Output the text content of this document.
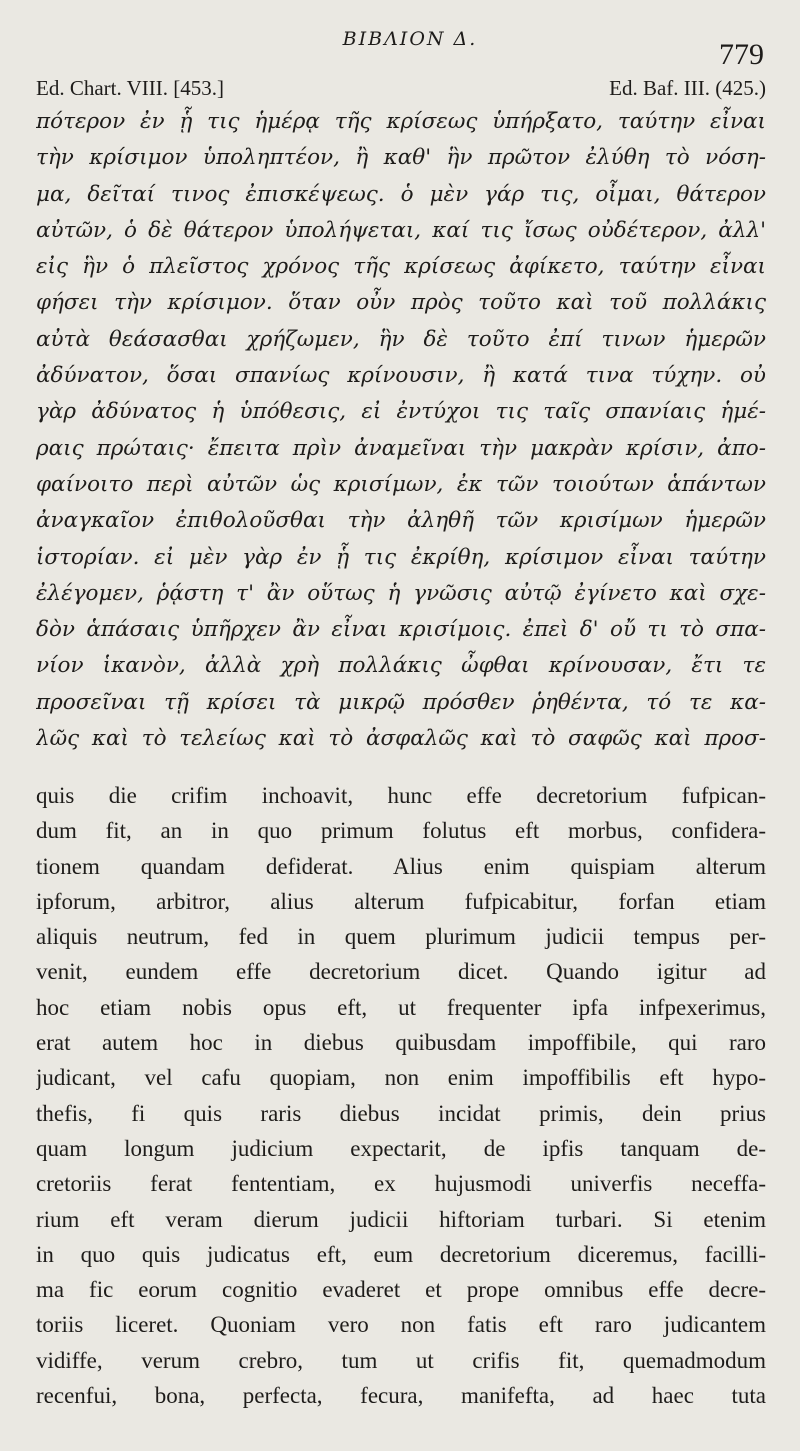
ΒΙΒΛΙΟΝ Δ.	779
Ed. Chart. VIII. [453.]	Ed. Baf. III. (425.)
πότερον ἐν ᾗ τις ἡμέρᾳ τῆς κρίσεως ὑπήρξατο, ταύτην εἶναι
τὴν κρίσιμον ὑποληπτέον, ἢ καθ' ἣν πρῶτον ἐλύθη τὸ νόση-
μα, δεῖταί τινος ἐπισκέψεως. ὁ μὲν γάρ τις, οἶμαι, θάτερον
αὐτῶν, ὁ δὲ θάτερον ὑπολήψεται, καί τις ἴσως οὐδέτερον, ἀλλ'
εἰς ἣν ὁ πλεῖστος χρόνος τῆς κρίσεως ἀφίκετο, ταύτην εἶναι
φήσει τὴν κρίσιμον. ὅταν οὖν πρὸς τοῦτο καὶ τοῦ πολλάκις
αὐτὰ θεάσασθαι χρήζωμεν, ἣν δὲ τοῦτο ἐπί τινων ἡμερῶν
ἀδύνατον, ὅσαι σπανίως κρίνουσιν, ἢ κατά τινα τύχην. οὐ
γὰρ ἀδύνατος ἡ ὑπόθεσις, εἰ ἐντύχοι τις ταῖς σπανίαις ἡμέ-
ραις πρώταις· ἔπειτα πρὶν ἀναμεῖναι τὴν μακρὰν κρίσιν, ἀπο-
φαίνοιτο περὶ αὐτῶν ὡς κρισίμων, ἐκ τῶν τοιούτων ἁπάντων
ἀναγκαῖον ἐπιθολοῦσθαι τὴν ἀληθῆ τῶν κρισίμων ἡμερῶν
ἱστορίαν. εἰ μὲν γὰρ ἐν ᾗ τις ἐκρίθη, κρίσιμον εἶναι ταύτην
ἐλέγομεν, ῥᾴστη τ' ἂν οὕτως ἡ γνῶσις αὐτῷ ἐγίνετο καὶ σχε-
δὸν ἁπάσαις ὑπῆρχεν ἂν εἶναι κρισίμοις. ἐπεὶ δ' οὔ τι τὸ σπα-
νίον ἱκανὸν, ἀλλὰ χρὴ πολλάκις ὦφθαι κρίνουσαν, ἔτι τε
προσεῖναι τῇ κρίσει τὰ μικρῷ πρόσθεν ῥηθέντα, τό τε κα-
λῶς καὶ τὸ τελείως καὶ τὸ ἀσφαλῶς καὶ τὸ σαφῶς καὶ προσ-
quis die crifim inchoavit, hunc effe decretorium fufpican-
dum fit, an in quo primum folutus eft morbus, confidera-
tionem quandam defiderat. Alius enim quispiam alterum
ipforum, arbitror, alius alterum fufpicabitur, forfan etiam
aliquis neutrum, fed in quem plurimum judicii tempus per-
venit, eundem effe decretorium dicet. Quando igitur ad
hoc etiam nobis opus eft, ut frequenter ipfa infpexerimus,
erat autem hoc in diebus quibusdam impoffibile, qui raro
judicant, vel cafu quopiam, non enim impoffibilis eft hypo-
thefis, fi quis raris diebus incidat primis, dein prius
quam longum judicium expectarit, de ipfis tanquam de-
cretoriis ferat fententiam, ex hujusmodi univerfis neceffa-
rium eft veram dierum judicii hiftoriam turbari. Si etenim
in quo quis judicatus eft, eum decretorium diceremus, facilli-
ma fic eorum cognitio evaderet et prope omnibus effe decre-
toriis liceret. Quoniam vero non fatis eft raro judicantem
vidiffe, verum crebro, tum ut crifis fit, quemadmodum
recenfui, bona, perfecta, fecura, manifefta, ad haec tuta
